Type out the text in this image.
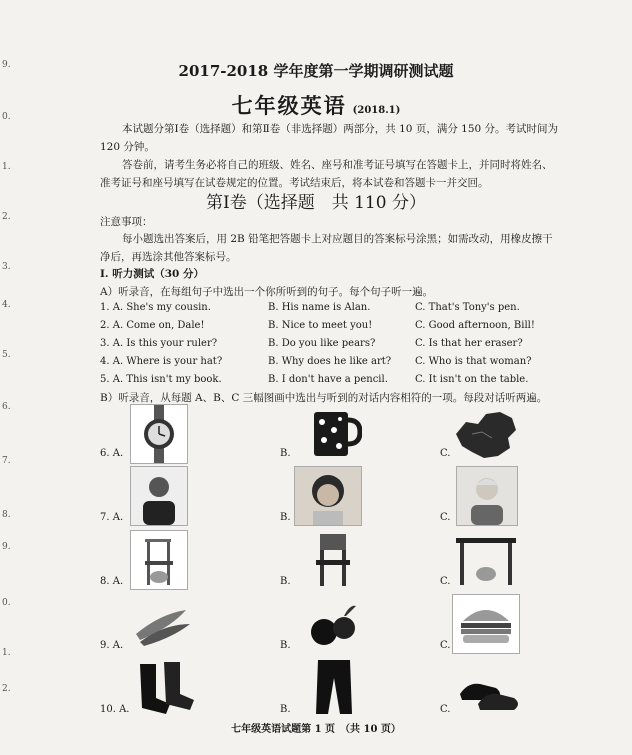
9.
0.
1.
2.
3.
4.
5.
6.
7.
8.
9.
0.
1.
2.
2017-2018 学年度第一学期调研测试题
七年级英语 (2018.1)
本试题分第Ⅰ卷（选择题）和第Ⅱ卷（非选择题）两部分，共 10 页，满分 150 分。考试时间为 120 分钟。
答卷前，请考生务必将自己的班级、姓名、座号和准考证号填写在答题卡上，并同时将姓名、准考证号和座号填写在试卷规定的位置。考试结束后，将本试卷和答题卡一并交回。
第Ⅰ卷（选择题　共 110 分）
注意事项：
每小题选出答案后，用 2B 铅笔把答题卡上对应题目的答案标号涂黑；如需改动，用橡皮擦干净后，再选涂其他答案标号。
Ⅰ. 听力测试（30 分）
A）听录音，在每组句子中选出一个你所听到的句子。每个句子听一遍。
1. A. She's my cousin.	B. His name is Alan.	C. That's Tony's pen.
2. A. Come on, Dale!	B. Nice to meet you!	C. Good afternoon, Bill!
3. A. Is this your ruler?	B. Do you like pears?	C. Is that her eraser?
4. A. Where is your hat?	B. Why does he like art? C. Who is that woman?
5. A. This isn't my book.	B. I don't have a pencil.	C. It isn't on the table.
B）听录音，从每题 A、B、C 三幅图画中选出与听到的对话内容相符的一项。每段对话听两遍。
6. A.	B.	C.
7. A.	B.	C.
8. A.	B.	C.
9. A.	B.	C.
10. A.	B.	C.
七年级英语试题第 1 页　（共 10 页）
